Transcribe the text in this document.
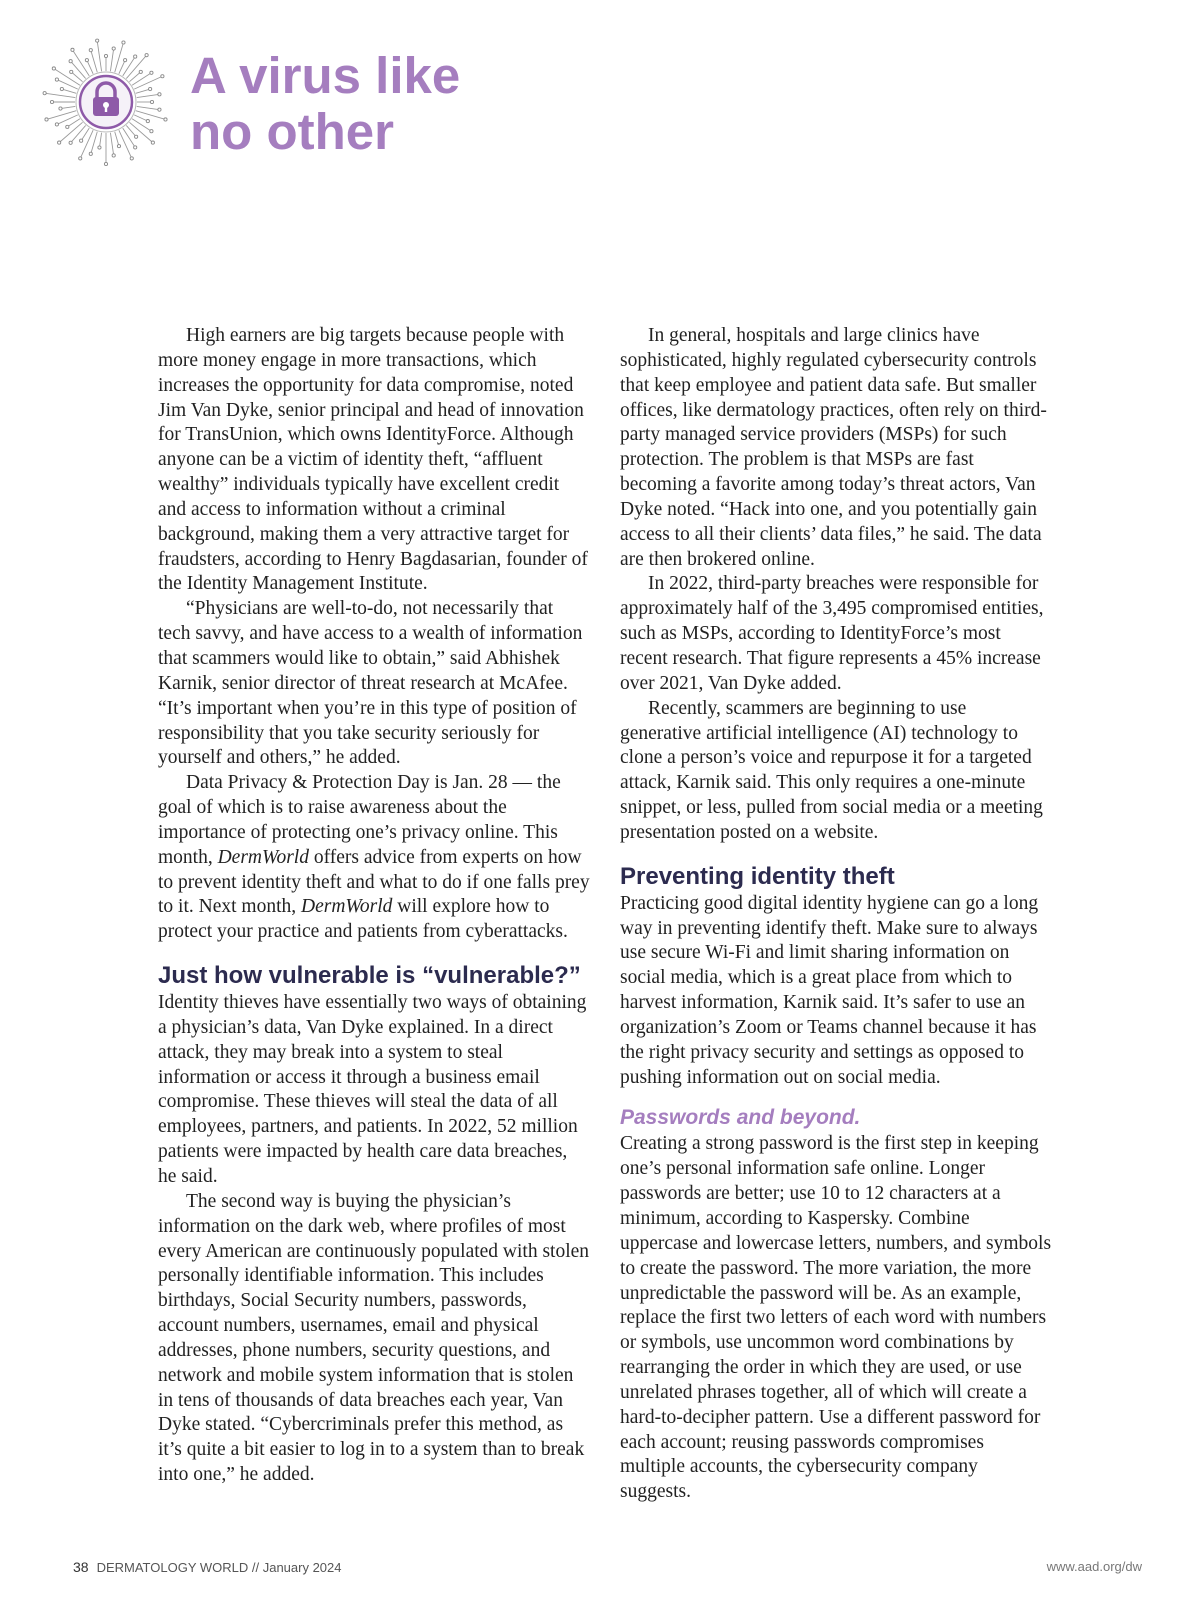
A virus like
no other

High earners are big targets because people with more money engage in more transactions, which increases the opportunity for data compromise, noted Jim Van Dyke, senior principal and head of innovation for TransUnion, which owns IdentityForce. Although anyone can be a victim of identity theft, “affluent wealthy” individuals typically have excellent credit and access to information without a criminal background, making them a very attractive target for fraudsters, according to Henry Bagdasarian, founder of the Identity Management Institute.

“Physicians are well-to-do, not necessarily that tech savvy, and have access to a wealth of information that scammers would like to obtain,” said Abhishek Karnik, senior director of threat research at McAfee. “It’s important when you’re in this type of position of responsibility that you take security seriously for yourself and others,” he added.

Data Privacy & Protection Day is Jan. 28 — the goal of which is to raise awareness about the importance of protecting one’s privacy online. This month, DermWorld offers advice from experts on how to prevent identity theft and what to do if one falls prey to it. Next month, DermWorld will explore how to protect your practice and patients from cyberattacks.

Just how vulnerable is “vulnerable?”

Identity thieves have essentially two ways of obtaining a physician’s data, Van Dyke explained. In a direct attack, they may break into a system to steal information or access it through a business email compromise. These thieves will steal the data of all employees, partners, and patients. In 2022, 52 million patients were impacted by health care data breaches, he said.

The second way is buying the physician’s information on the dark web, where profiles of most every American are continuously populated with stolen personally identifiable information. This includes birthdays, Social Security numbers, passwords, account numbers, usernames, email and physical addresses, phone numbers, security questions, and network and mobile system information that is stolen in tens of thousands of data breaches each year, Van Dyke stated. “Cybercriminals prefer this method, as it’s quite a bit easier to log in to a system than to break into one,” he added.

In general, hospitals and large clinics have sophisticated, highly regulated cybersecurity controls that keep employee and patient data safe. But smaller offices, like dermatology practices, often rely on third-party managed service providers (MSPs) for such protection. The problem is that MSPs are fast becoming a favorite among today’s threat actors, Van Dyke noted. “Hack into one, and you potentially gain access to all their clients’ data files,” he said. The data are then brokered online.

In 2022, third-party breaches were responsible for approximately half of the 3,495 compromised entities, such as MSPs, according to IdentityForce’s most recent research. That figure represents a 45% increase over 2021, Van Dyke added.

Recently, scammers are beginning to use generative artificial intelligence (AI) technology to clone a person’s voice and repurpose it for a targeted attack, Karnik said. This only requires a one-minute snippet, or less, pulled from social media or a meeting presentation posted on a website.

Preventing identity theft

Practicing good digital identity hygiene can go a long way in preventing identify theft. Make sure to always use secure Wi-Fi and limit sharing information on social media, which is a great place from which to harvest information, Karnik said. It’s safer to use an organization’s Zoom or Teams channel because it has the right privacy security and settings as opposed to pushing information out on social media.

Passwords and beyond.

Creating a strong password is the first step in keeping one’s personal information safe online. Longer passwords are better; use 10 to 12 characters at a minimum, according to Kaspersky. Combine uppercase and lowercase letters, numbers, and symbols to create the password. The more variation, the more unpredictable the password will be. As an example, replace the first two letters of each word with numbers or symbols, use uncommon word combinations by rearranging the order in which they are used, or use unrelated phrases together, all of which will create a hard-to-decipher pattern. Use a different password for each account; reusing passwords compromises multiple accounts, the cybersecurity company suggests.

38 DERMATOLOGY WORLD // January 2024	www.aad.org/dw
